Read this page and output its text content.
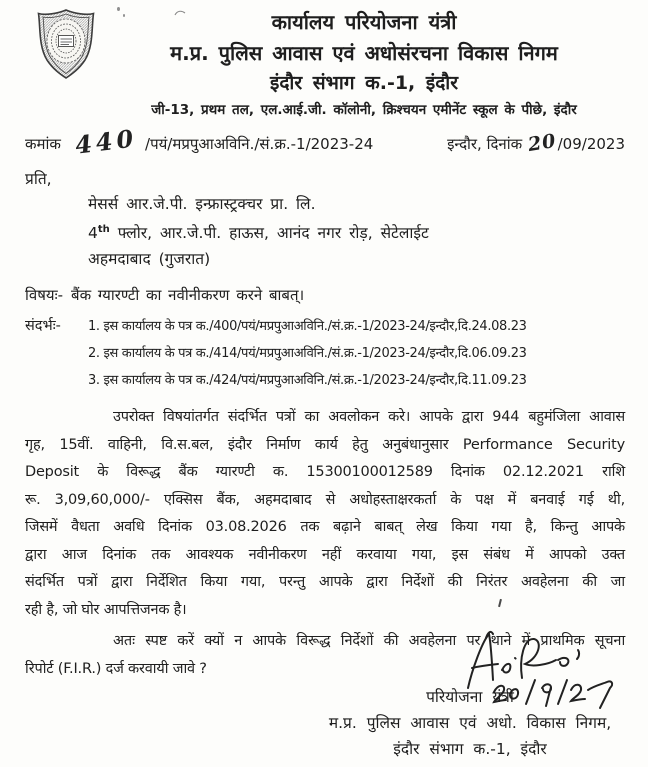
कार्यालय परियोजना यंत्री
म.प्र. पुलिस आवास एवं अधोसंरचना विकास निगम
इंदौर संभाग क.-1, इंदौर
जी-13, प्रथम तल, एल.आई.जी. कॉलोनी, क्रिश्चयन एमीनेंट स्कूल के पीछे, इंदौर
कमांक 440 /पयं/मप्रपुआअविनि./सं.क्र.-1/2023-24	इन्दौर, दिनांक 20 /09/2023
प्रति,
मेसर्स आर.जे.पी. इन्फ्रास्ट्रक्चर प्रा. लि.
4th फ्लोर, आर.जे.पी. हाऊस, आनंद नगर रोड़, सेटेलाईट
अहमदाबाद (गुजरात)
विषयः- बैंक ग्यारण्टी का नवीनीकरण करने बाबत्।
संदर्भः-	1. इस कार्यालय के पत्र क./400/पयं/मप्रपुआअविनि./सं.क्र.-1/2023-24/इन्दौर,दि.24.08.23
2. इस कार्यालय के पत्र क./414/पयं/मप्रपुआअविनि./सं.क्र.-1/2023-24/इन्दौर,दि.06.09.23
3. इस कार्यालय के पत्र क./424/पयं/मप्रपुआअविनि./सं.क्र.-1/2023-24/इन्दौर,दि.11.09.23
उपरोक्त विषयांतर्गत संदर्भित पत्रों का अवलोकन करे। आपके द्वारा 944 बहुमंजिला आवास
गृह, 15वीं. वाहिनी, वि.स.बल, इंदौर निर्माण कार्य हेतु अनुबंधानुसार Performance Security
Deposit के विरूद्ध बैंक ग्यारण्टी क. 15300100012589 दिनांक 02.12.2021 राशि
रू. 3,09,60,000/- एक्सिस बैंक, अहमदाबाद से अधोहस्ताक्षरकर्ता के पक्ष में बनवाई गई थी,
जिसमें वैधता अवधि दिनांक 03.08.2026 तक बढ़ाने बाबत् लेख किया गया है, किन्तु आपके
द्वारा आज दिनांक तक आवश्यक नवीनीकरण नहीं करवाया गया, इस संबंध में आपको उक्त
संदर्भित पत्रों द्वारा निर्देशित किया गया, परन्तु आपके द्वारा निर्देशों की निरंतर अवहेलना की जा
रही है, जो घोर आपत्तिजनक है।
अतः स्पष्ट करें क्यों न आपके विरूद्ध निर्देशों की अवहेलना पर थाने में प्राथमिक सूचना
रिपोर्ट (F.I.R.) दर्ज करवायी जावे ?
परियोजना यंत्री
म.प्र. पुलिस आवास एवं अधो. विकास निगम,
इंदौर संभाग क.-1, इंदौर
